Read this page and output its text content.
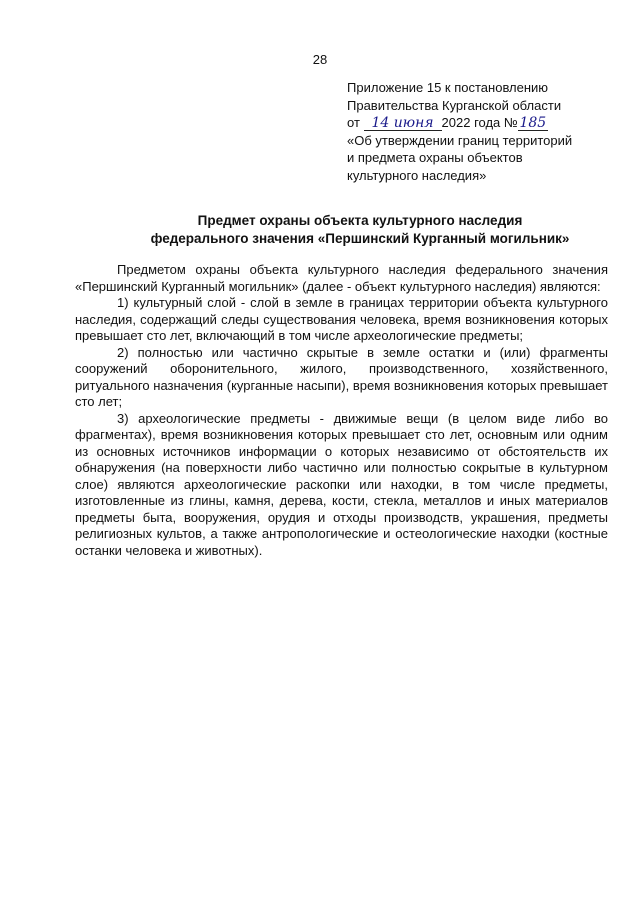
28
Приложение 15 к постановлению
Правительства Курганской области
от 14 июня 2022 года № 185
«Об утверждении границ территорий
и предмета охраны объектов
культурного наследия»
Предмет охраны объекта культурного наследия
федерального значения «Першинский Курганный могильник»

Предметом охраны объекта культурного наследия федерального значения «Першинский Курганный могильник» (далее - объект культурного наследия) являются:

1) культурный слой - слой в земле в границах территории объекта культурного наследия, содержащий следы существования человека, время возникновения которых превышает сто лет, включающий в том числе археологические предметы;

2) полностью или частично скрытые в земле остатки и (или) фрагменты сооружений оборонительного, жилого, производственного, хозяйственного, ритуального назначения (курганные насыпи), время возникновения которых превышает сто лет;

3) археологические предметы - движимые вещи (в целом виде либо во фрагментах), время возникновения которых превышает сто лет, основным или одним из основных источников информации о которых независимо от обстоятельств их обнаружения (на поверхности либо частично или полностью сокрытые в культурном слое) являются археологические раскопки или находки, в том числе предметы, изготовленные из глины, камня, дерева, кости, стекла, металлов и иных материалов предметы быта, вооружения, орудия и отходы производств, украшения, предметы религиозных культов, а также антропологические и остеологические находки (костные останки человека и животных).
